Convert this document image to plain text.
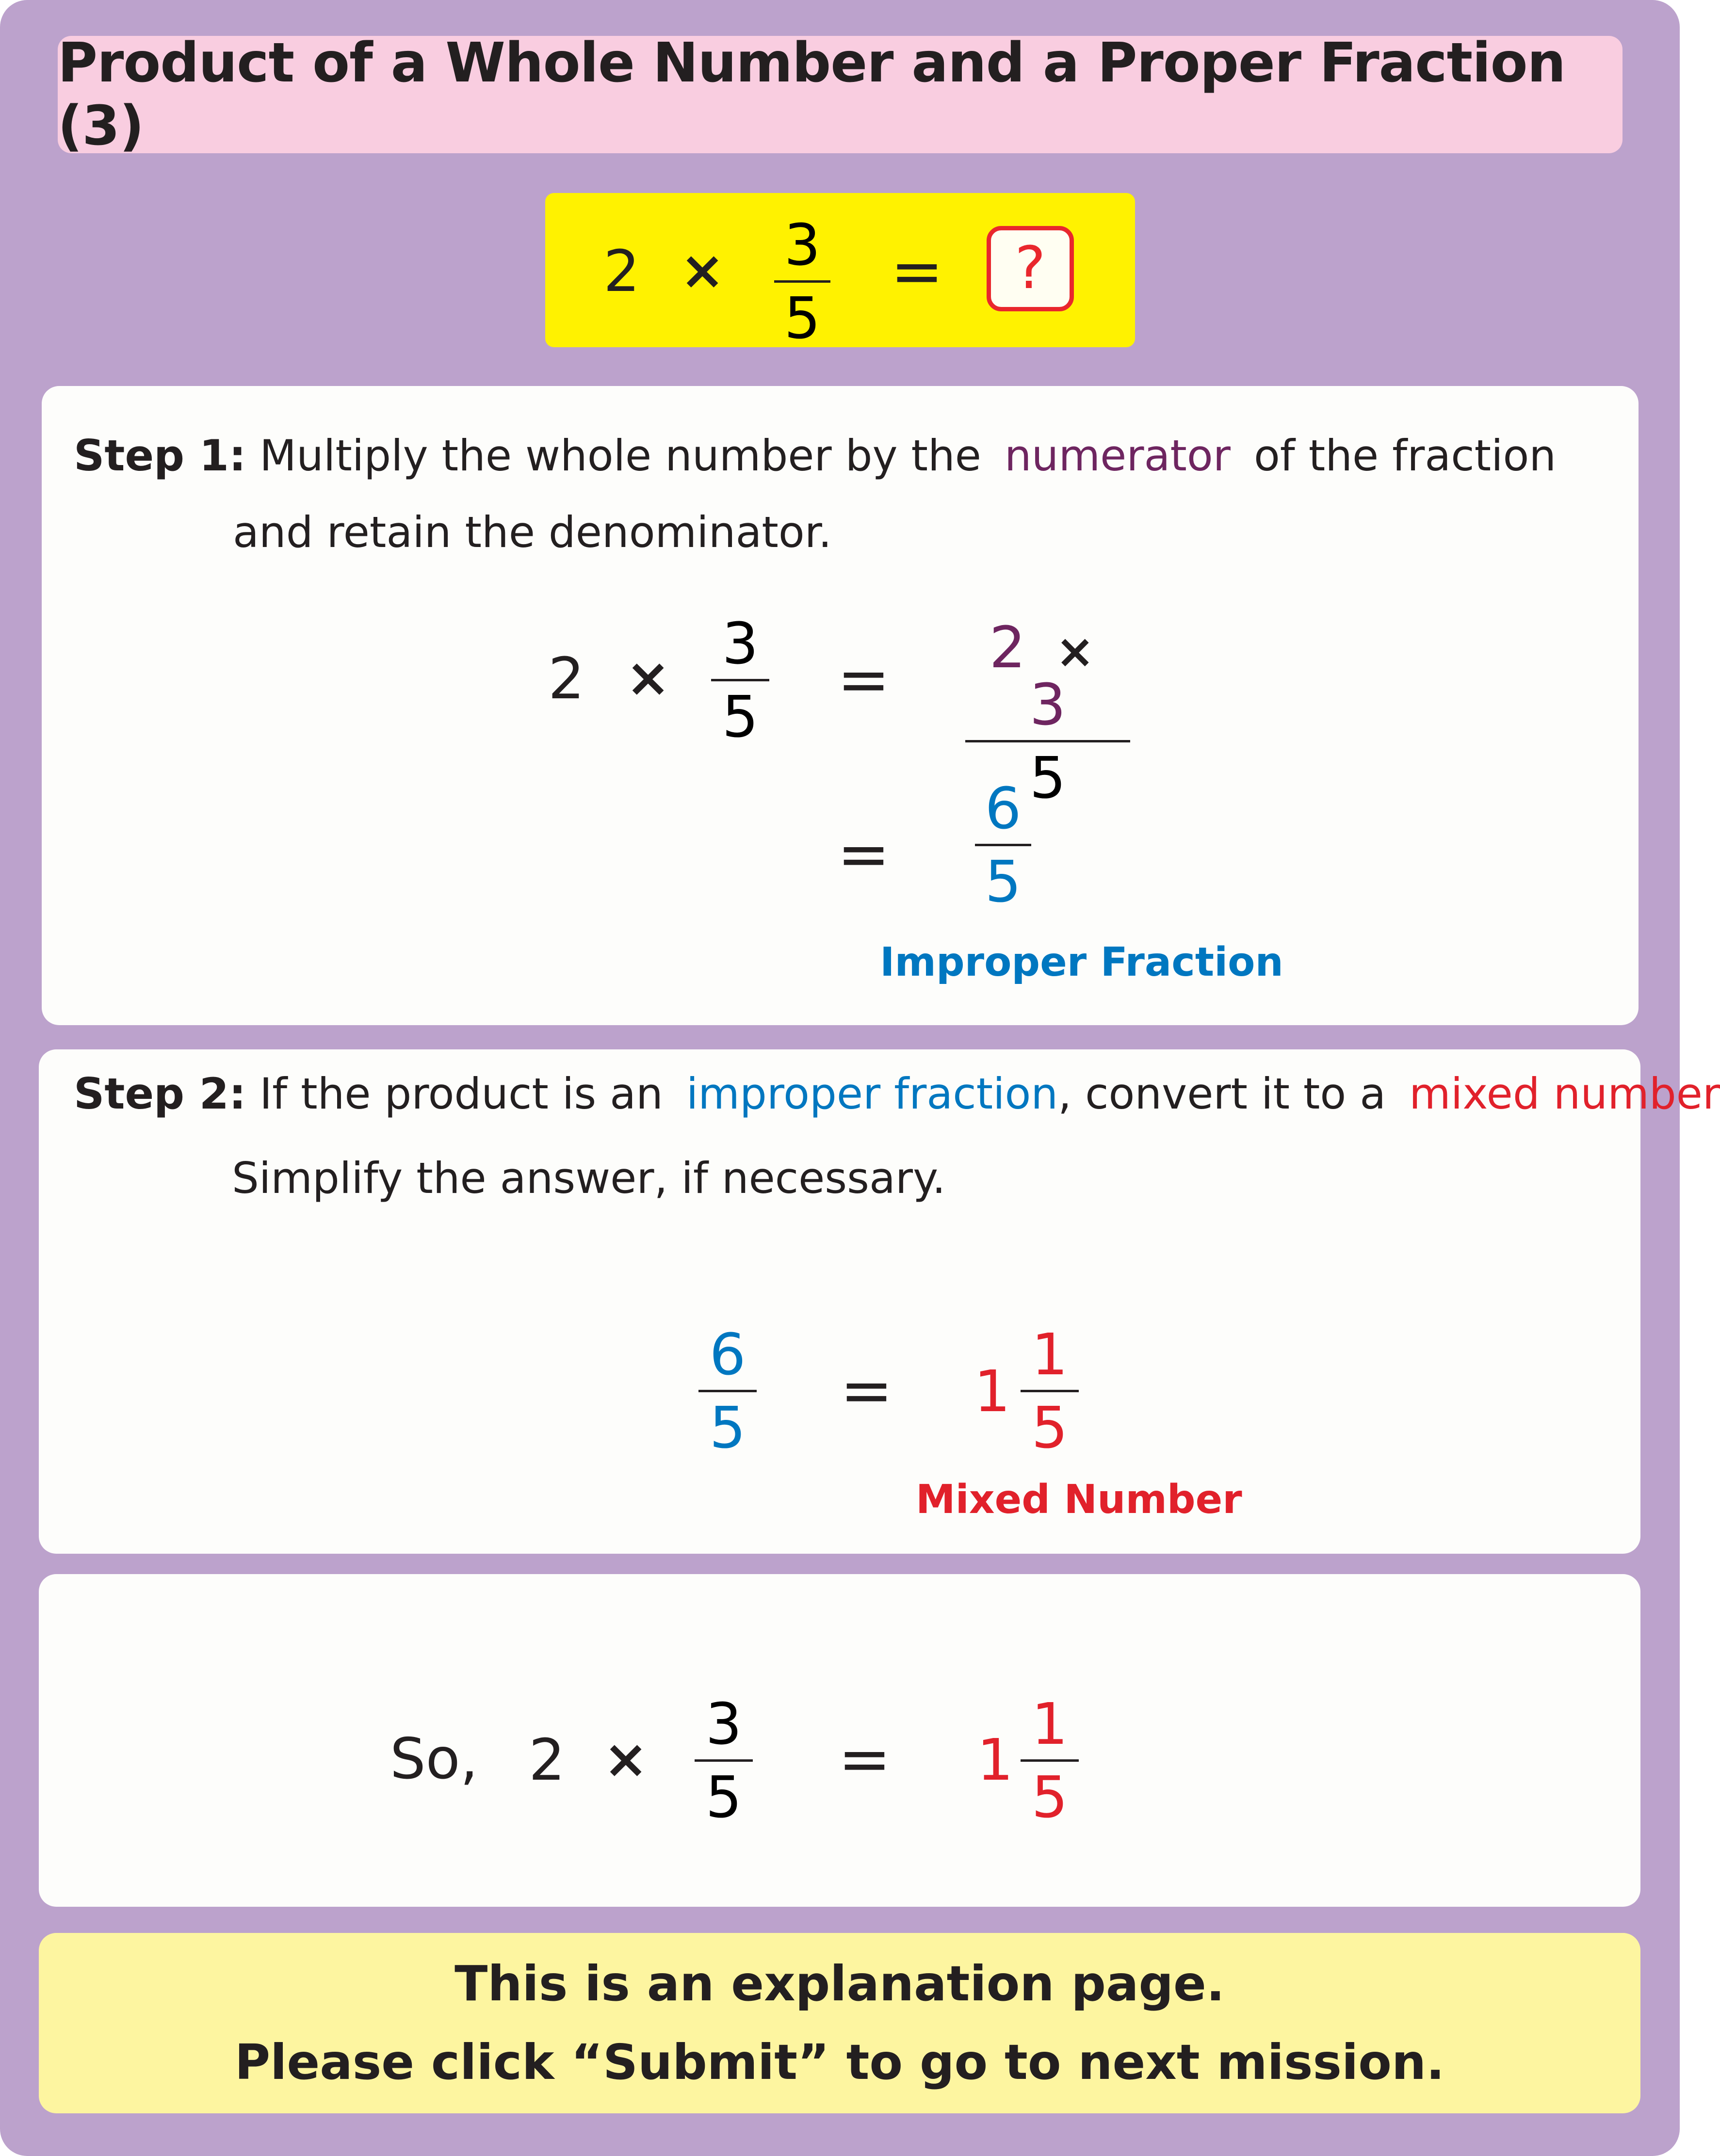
Product of a Whole Number and a Proper Fraction (3)
2 × 3
5
= ?
Step 1: Multiply the whole number by the numerator of the fraction
and retain the denominator.
2 ×
3
5
=	2 × 3
5
=
6
5
Improper Fraction
Step 2: If the product is an improper fraction, convert it to a mixed number
Simplify the answer, if necessary.
6
5
= 1
1
5
Mixed Number
So, 2 ×
3
5
= 1
1
5
This is an explanation page.
Please click “Submit” to go to next mission.
